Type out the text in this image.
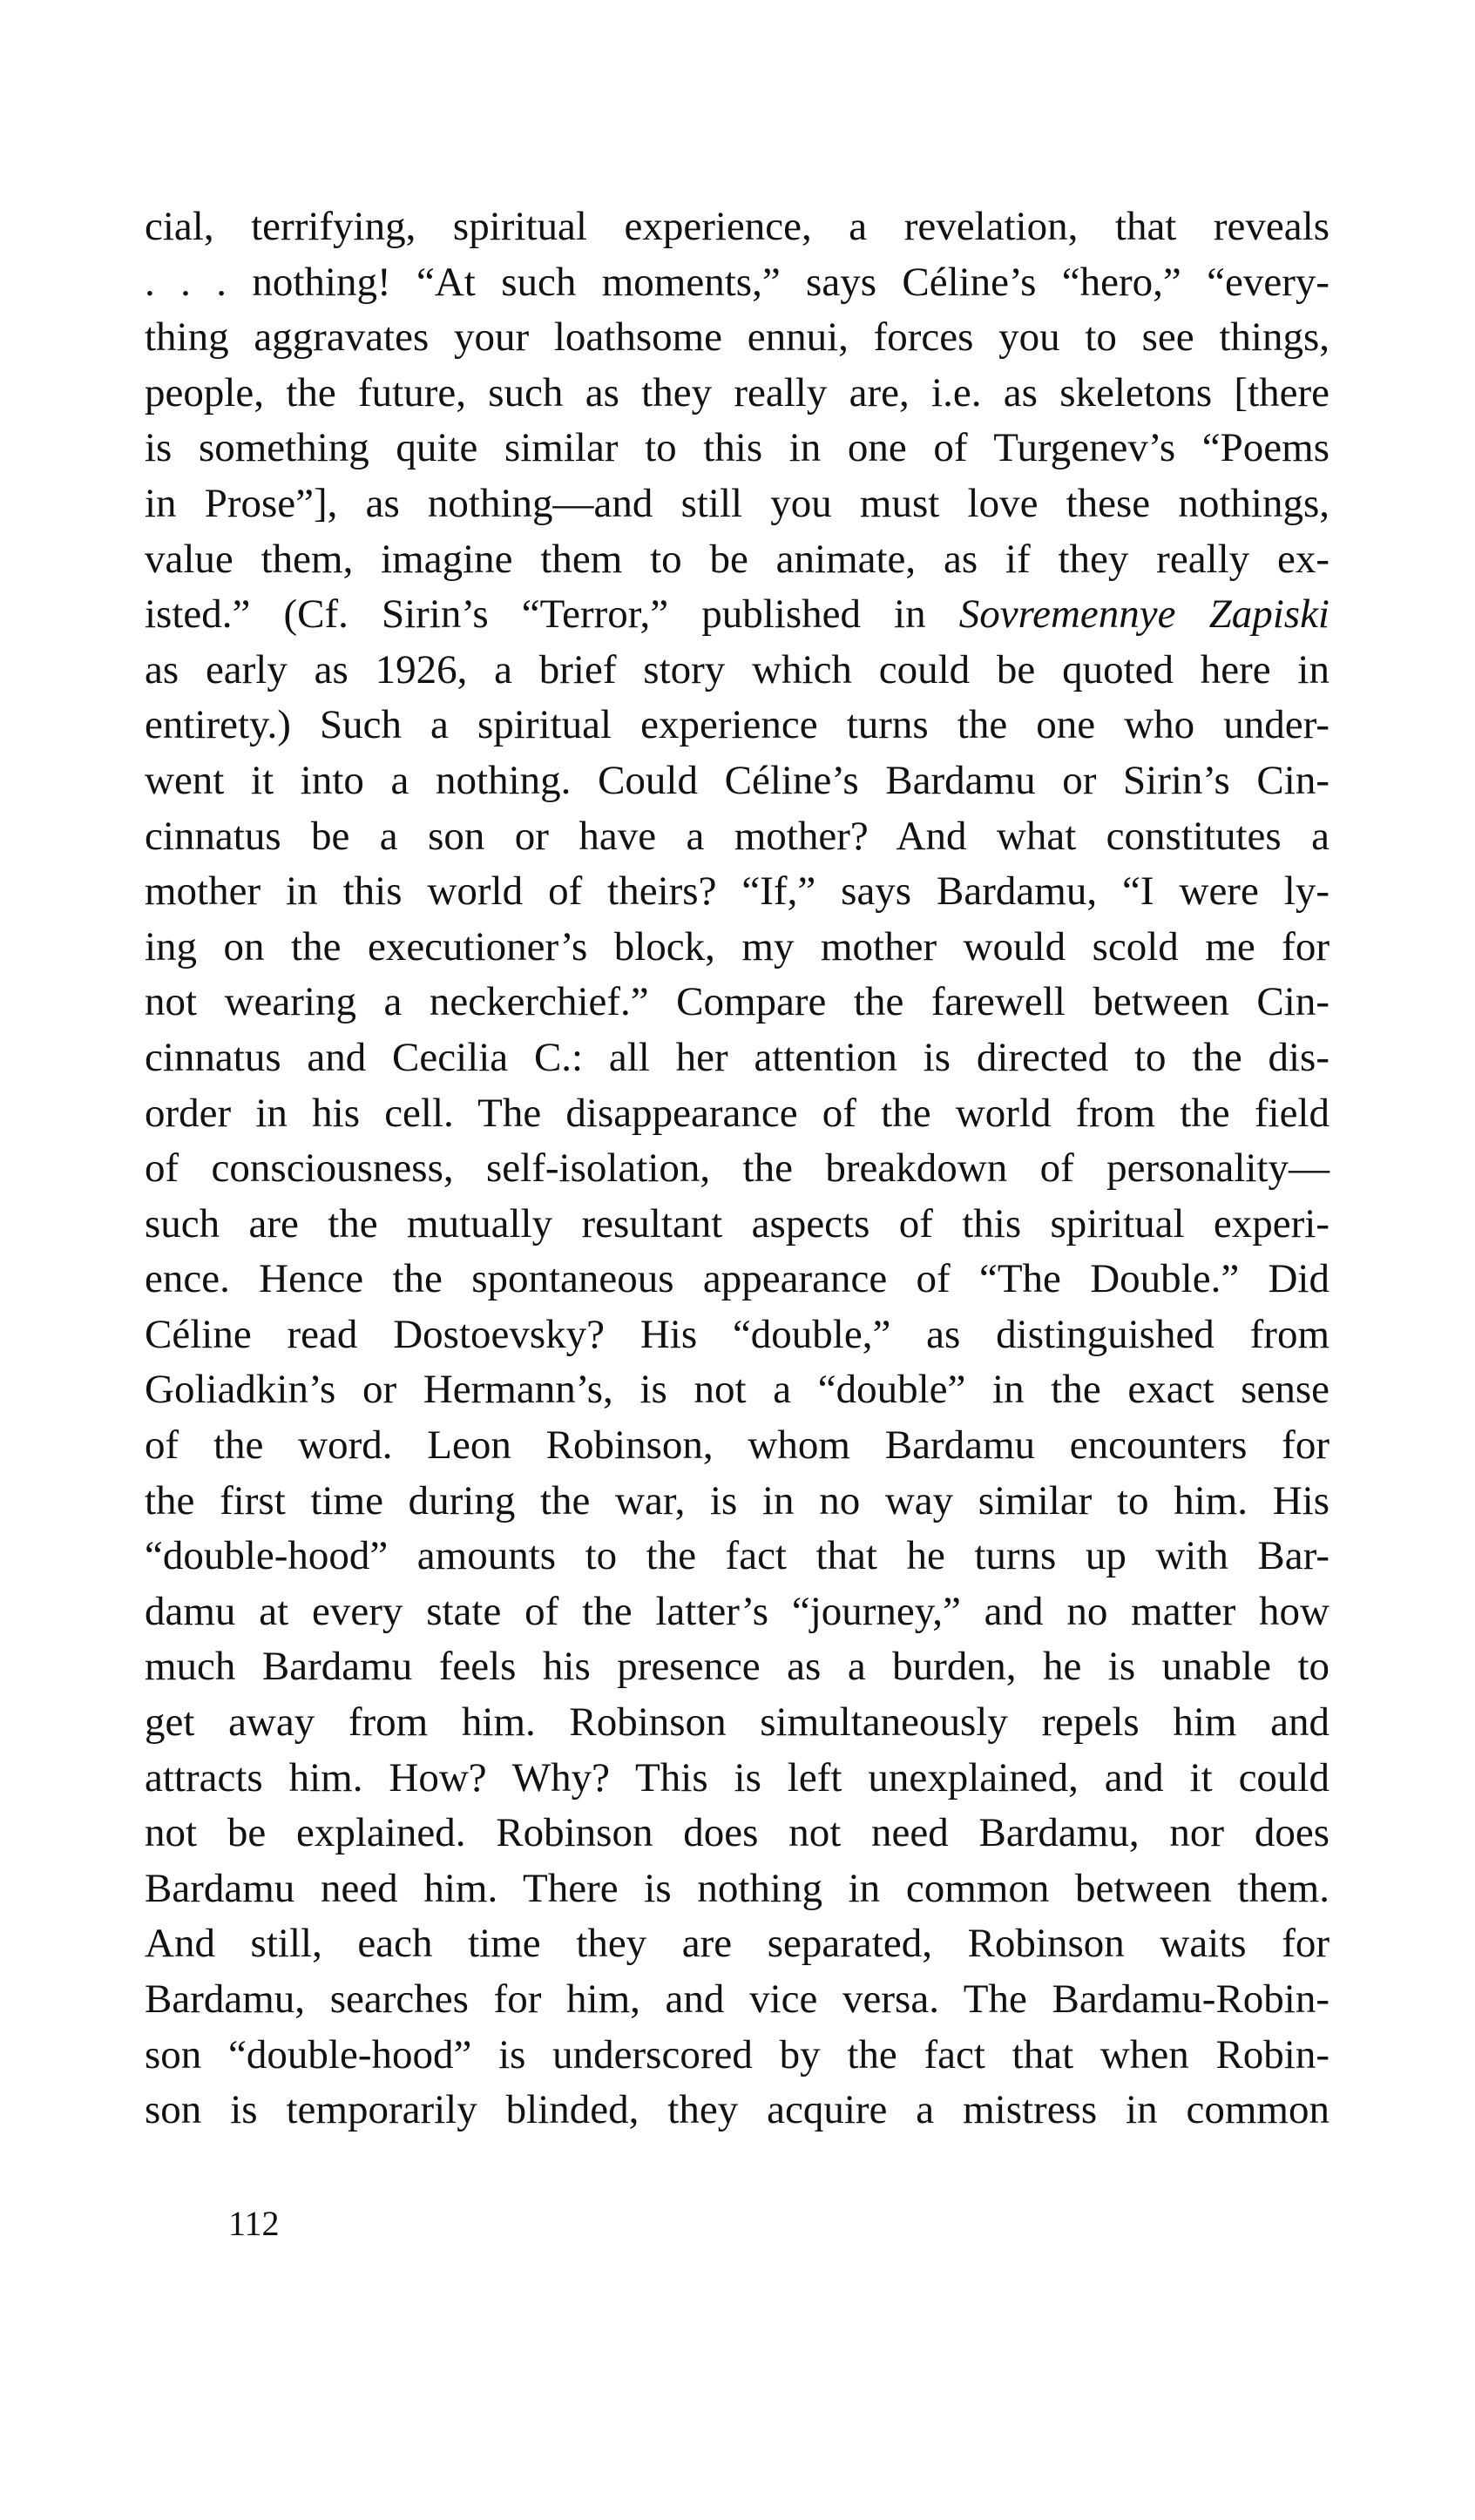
cial, terrifying, spiritual experience, a revelation, that reveals
. . . nothing! “At such moments,” says Céline’s “hero,” “every-
thing aggravates your loathsome ennui, forces you to see things,
people, the future, such as they really are, i.e. as skeletons [there
is something quite similar to this in one of Turgenev’s “Poems
in Prose”], as nothing—and still you must love these nothings,
value them, imagine them to be animate, as if they really ex-
isted.” (Cf. Sirin’s “Terror,” published in Sovremennye Zapiski
as early as 1926, a brief story which could be quoted here in
entirety.) Such a spiritual experience turns the one who under-
went it into a nothing. Could Céline’s Bardamu or Sirin’s Cin-
cinnatus be a son or have a mother? And what constitutes a
mother in this world of theirs? “If,” says Bardamu, “I were ly-
ing on the executioner’s block, my mother would scold me for
not wearing a neckerchief.” Compare the farewell between Cin-
cinnatus and Cecilia C.: all her attention is directed to the dis-
order in his cell. The disappearance of the world from the field
of consciousness, self-isolation, the breakdown of personality—
such are the mutually resultant aspects of this spiritual experi-
ence. Hence the spontaneous appearance of “The Double.” Did
Céline read Dostoevsky? His “double,” as distinguished from
Goliadkin’s or Hermann’s, is not a “double” in the exact sense
of the word. Leon Robinson, whom Bardamu encounters for
the first time during the war, is in no way similar to him. His
“double-hood” amounts to the fact that he turns up with Bar-
damu at every state of the latter’s “journey,” and no matter how
much Bardamu feels his presence as a burden, he is unable to
get away from him. Robinson simultaneously repels him and
attracts him. How? Why? This is left unexplained, and it could
not be explained. Robinson does not need Bardamu, nor does
Bardamu need him. There is nothing in common between them.
And still, each time they are separated, Robinson waits for
Bardamu, searches for him, and vice versa. The Bardamu-Robin-
son “double-hood” is underscored by the fact that when Robin-
son is temporarily blinded, they acquire a mistress in common
112
